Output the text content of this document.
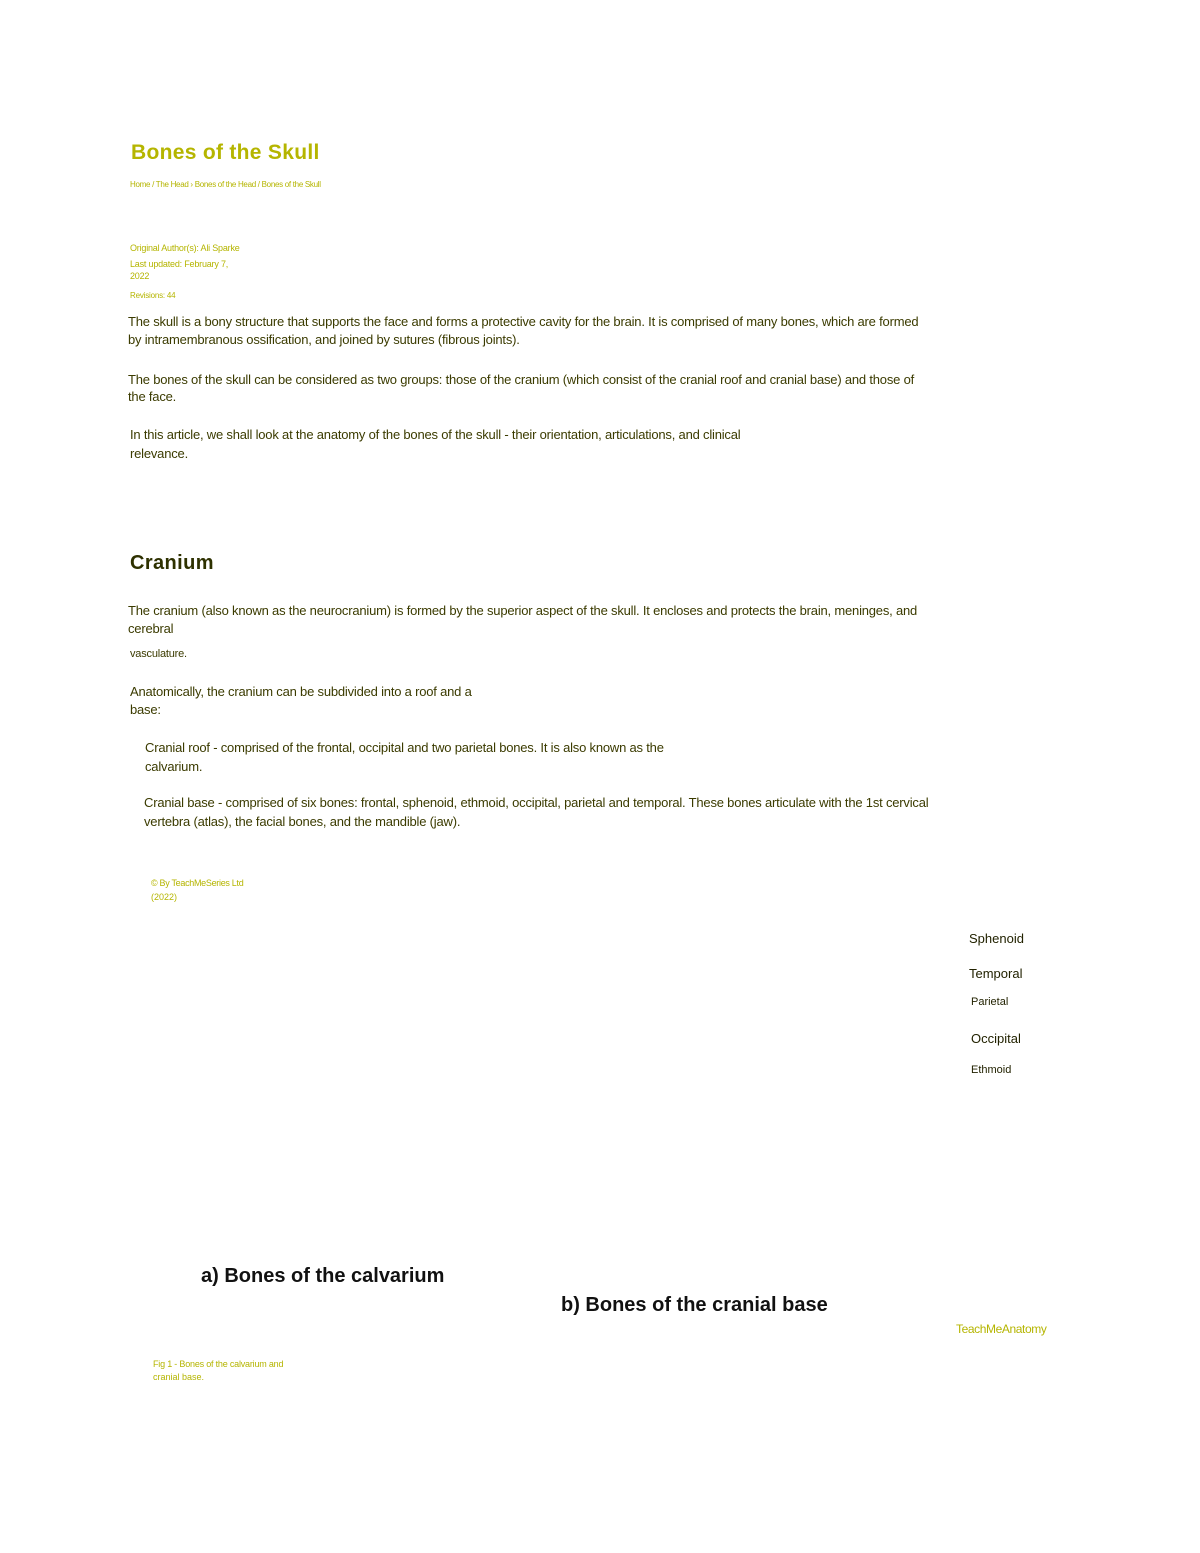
Bones of the Skull
Home / The Head › Bones of the Head / Bones of the Skull
Original Author(s): Ali Sparke
Last updated: February 7,
2022
Revisions: 44
The skull is a bony structure that supports the face and forms a protective cavity for the brain. It is comprised of many bones, which are formed
by intramembranous ossification, and joined by sutures (fibrous joints).
The bones of the skull can be considered as two groups: those of the cranium (which consist of the cranial roof and cranial base) and those of
the face.
In this article, we shall look at the anatomy of the bones of the skull - their orientation, articulations, and clinical
relevance.
Cranium
The cranium (also known as the neurocranium) is formed by the superior aspect of the skull. It encloses and protects the brain, meninges, and
cerebral
vasculature.
Anatomically, the cranium can be subdivided into a roof and a
base:
Cranial roof - comprised of the frontal, occipital and two parietal bones. It is also known as the
calvarium.
Cranial base - comprised of six bones: frontal, sphenoid, ethmoid, occipital, parietal and temporal. These bones articulate with the 1st cervical
vertebra (atlas), the facial bones, and the mandible (jaw).
© By TeachMeSeries Ltd
(2022)
Sphenoid
Temporal
Parietal
Occipital
Ethmoid
a) Bones of the calvarium
b) Bones of the cranial base
TeachMeAnatomy
Fig 1 - Bones of the calvarium and
cranial base.
